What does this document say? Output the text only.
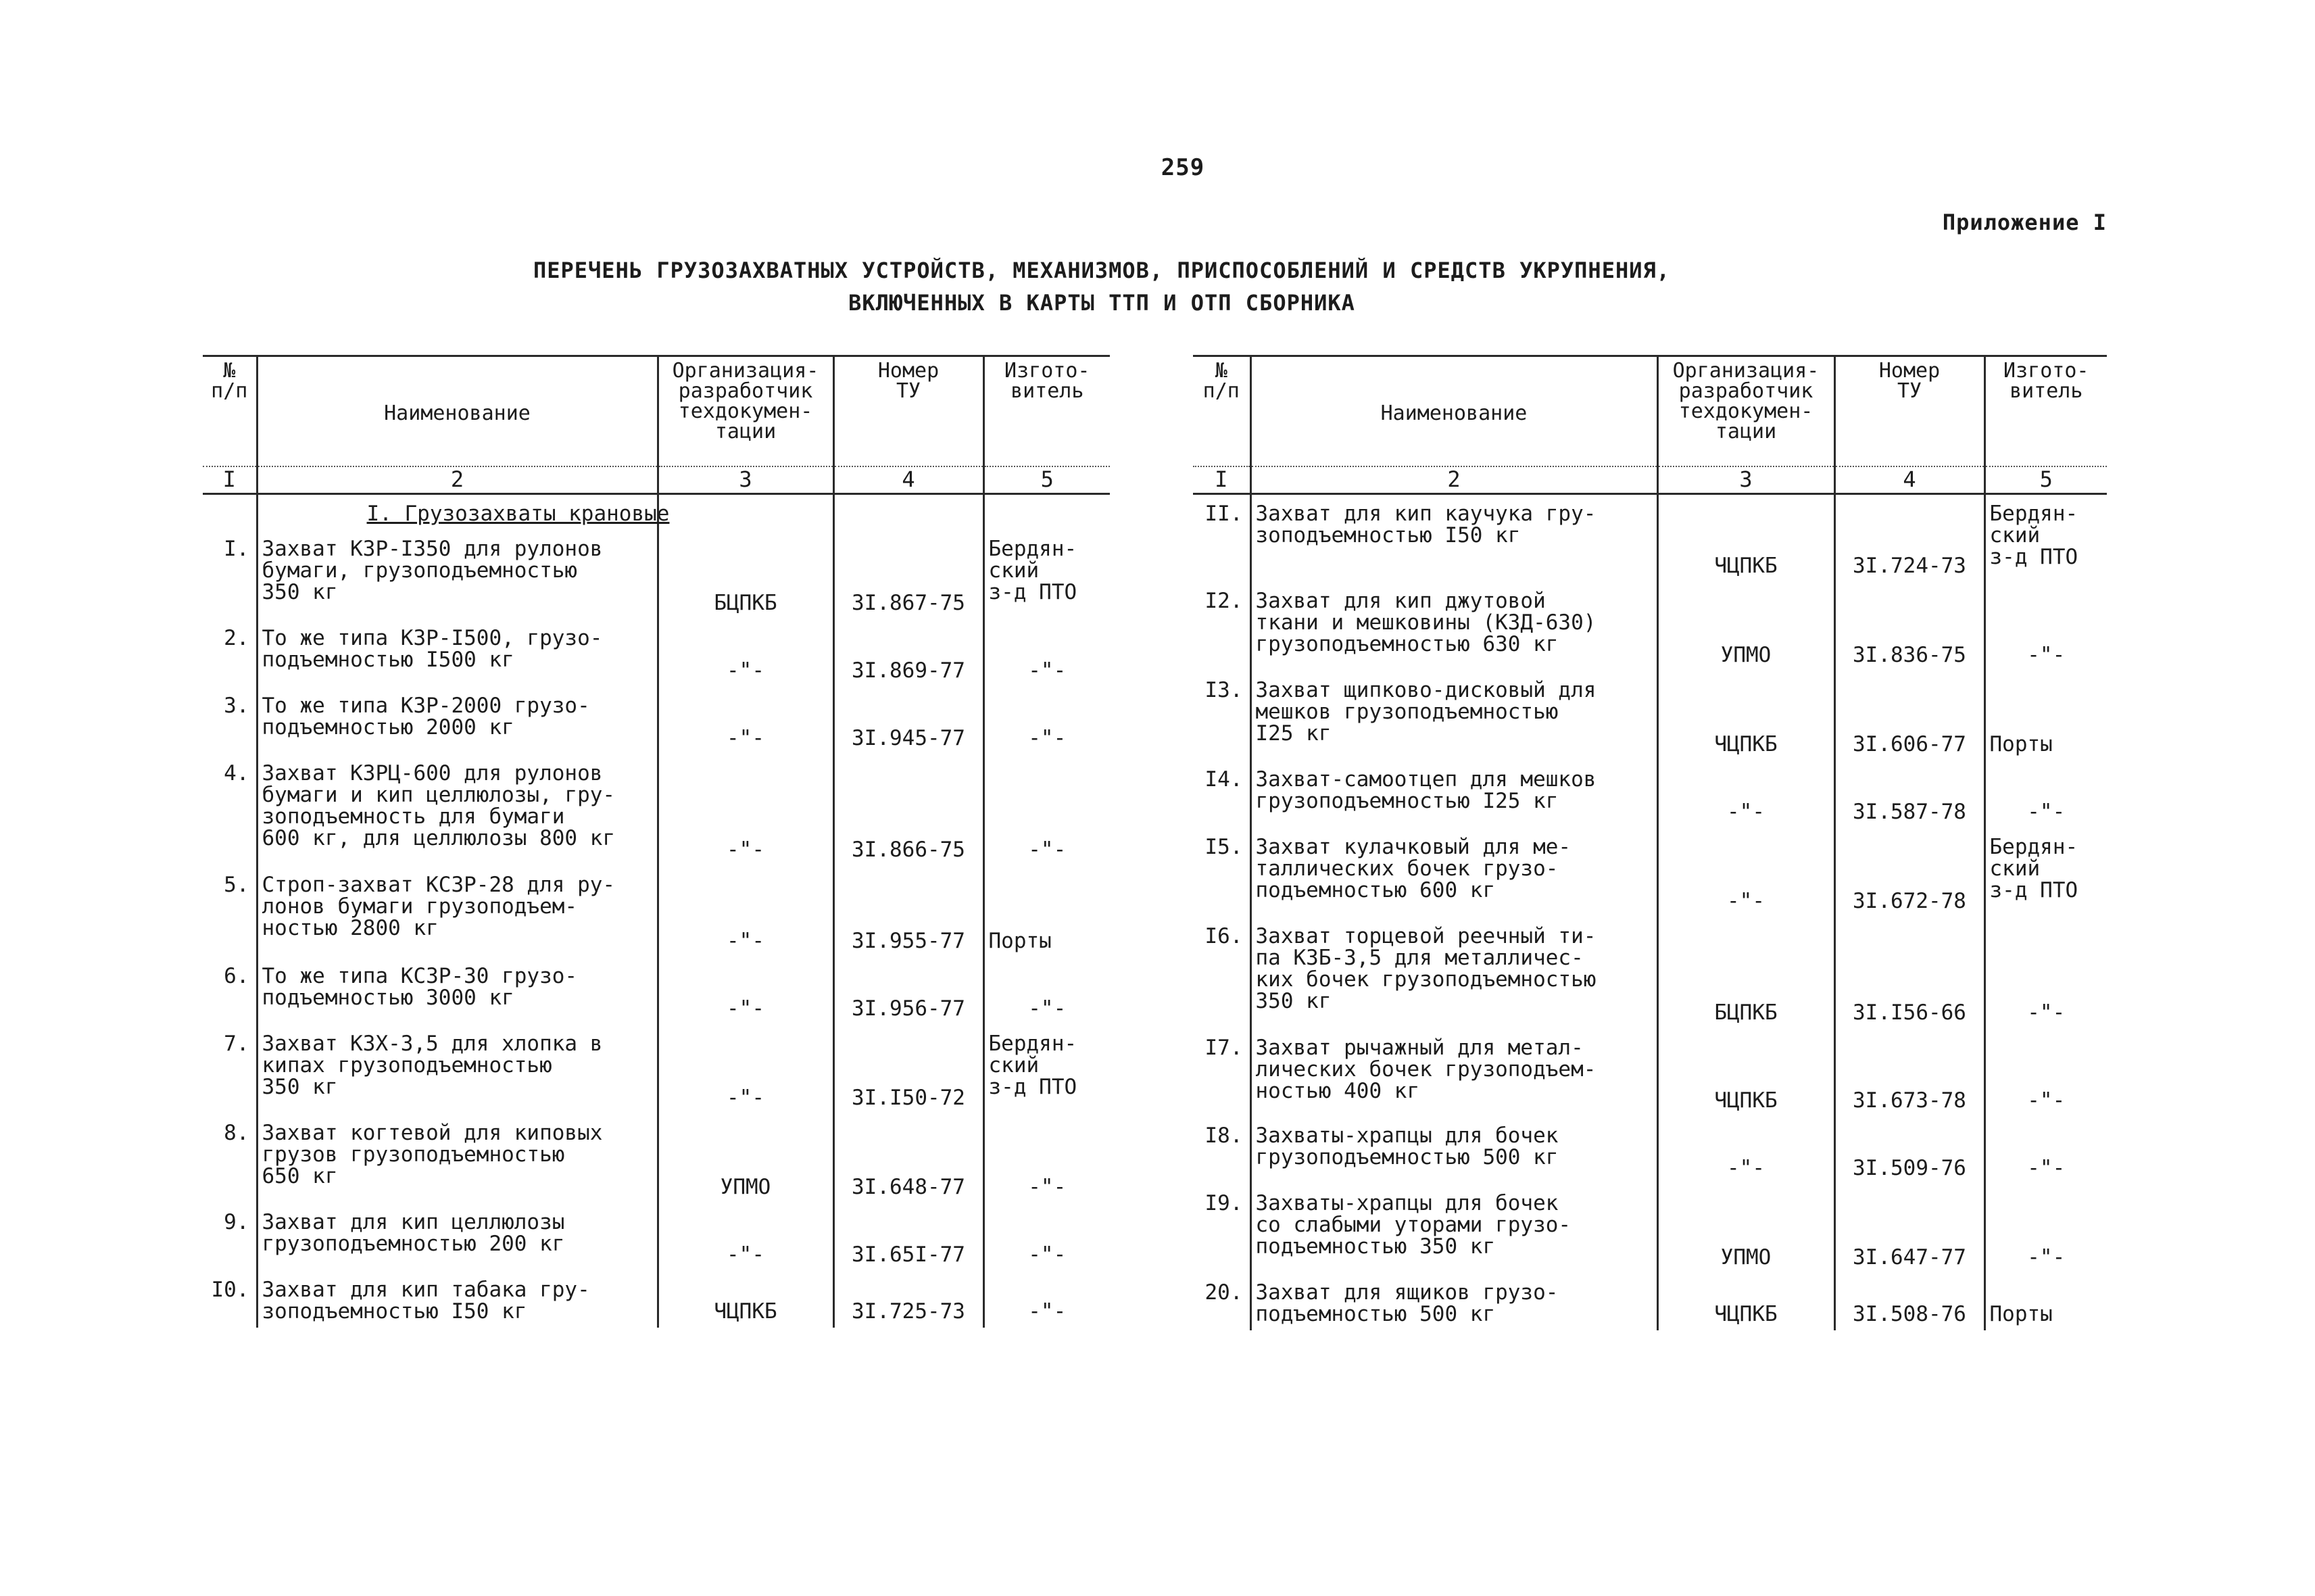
259
Приложение I
ПЕРЕЧЕНЬ ГРУЗОЗАХВАТНЫХ УСТРОЙСТВ, МЕХАНИЗМОВ, ПРИСПОСОБЛЕНИЙ И СРЕДСТВ УКРУПНЕНИЯ,
ВКЛЮЧЕННЫХ В КАРТЫ ТТП И ОТП СБОРНИКА
№
п/п	Наименование	Организация-
разработчик
техдокумен-
тации	Номер
ТУ	Изгото-
витель
I	2	3	4	5

	I. Грузозахваты крановые			

I.	Захват КЗР-I350 для рулонов
бумаги, грузоподъемностью
350 кг	БЦПКБ	3I.867-75	Бердян-
ский
з-д ПТО
2.	То же типа КЗР-I500, грузо-
подъемностью I500 кг	-"-	3I.869-77	-"-
3.	То же типа КЗР-2000 грузо-
подъемностью 2000 кг	-"-	3I.945-77	-"-
4.	Захват КЗРЦ-600 для рулонов
бумаги и кип целлюлозы, гру-
зоподъемность для бумаги
600 кг, для целлюлозы 800 кг	-"-	3I.866-75	-"-
5.	Строп-захват КСЗР-28 для ру-
лонов бумаги грузоподъем-
ностью 2800 кг	-"-	3I.955-77	Порты
6.	То же типа КСЗР-30 грузо-
подъемностью 3000 кг	-"-	3I.956-77	-"-
7.	Захват КЗХ-3,5 для хлопка в
кипах грузоподъемностью
350 кг	-"-	3I.I50-72	Бердян-
ский
з-д ПТО
8.	Захват когтевой для киповых
грузов грузоподъемностью
650 кг	УПМО	3I.648-77	-"-
9.	Захват для кип целлюлозы
грузоподъемностью 200 кг	-"-	3I.65I-77	-"-
I0.	Захват для кип табака гру-
зоподъемностью I50 кг	ЧЦПКБ	3I.725-73	-"-
№
п/п	Наименование	Организация-
разработчик
техдокумен-
тации	Номер
ТУ	Изгото-
витель
I	2	3	4	5
II.	Захват для кип каучука гру-
зоподъемностью I50 кг	ЧЦПКБ	3I.724-73	Бердян-
ский
з-д ПТО
I2.	Захват для кип джутовой
ткани и мешковины (КЗД-630)
грузоподъемностью 630 кг	УПМО	3I.836-75	-"-
I3.	Захват щипково-дисковый для
мешков грузоподъемностью
I25 кг	ЧЦПКБ	3I.606-77	Порты
I4.	Захват-самоотцеп для мешков
грузоподъемностью I25 кг	-"-	3I.587-78	-"-
I5.	Захват кулачковый для ме-
таллических бочек грузо-
подъемностью 600 кг	-"-	3I.672-78	Бердян-
ский
з-д ПТО
I6.	Захват торцевой реечный ти-
па КЗБ-3,5 для металличес-
ких бочек грузоподъемностью
350 кг	БЦПКБ	3I.I56-66	-"-
I7.	Захват рычажный для метал-
лических бочек грузоподъем-
ностью 400 кг	ЧЦПКБ	3I.673-78	-"-
I8.	Захваты-храпцы для бочек
грузоподъемностью 500 кг	-"-	3I.509-76	-"-
I9.	Захваты-храпцы для бочек
со слабыми уторами грузо-
подъемностью 350 кг	УПМО	3I.647-77	-"-
20.	Захват для ящиков грузо-
подъемностью 500 кг	ЧЦПКБ	3I.508-76	Порты
